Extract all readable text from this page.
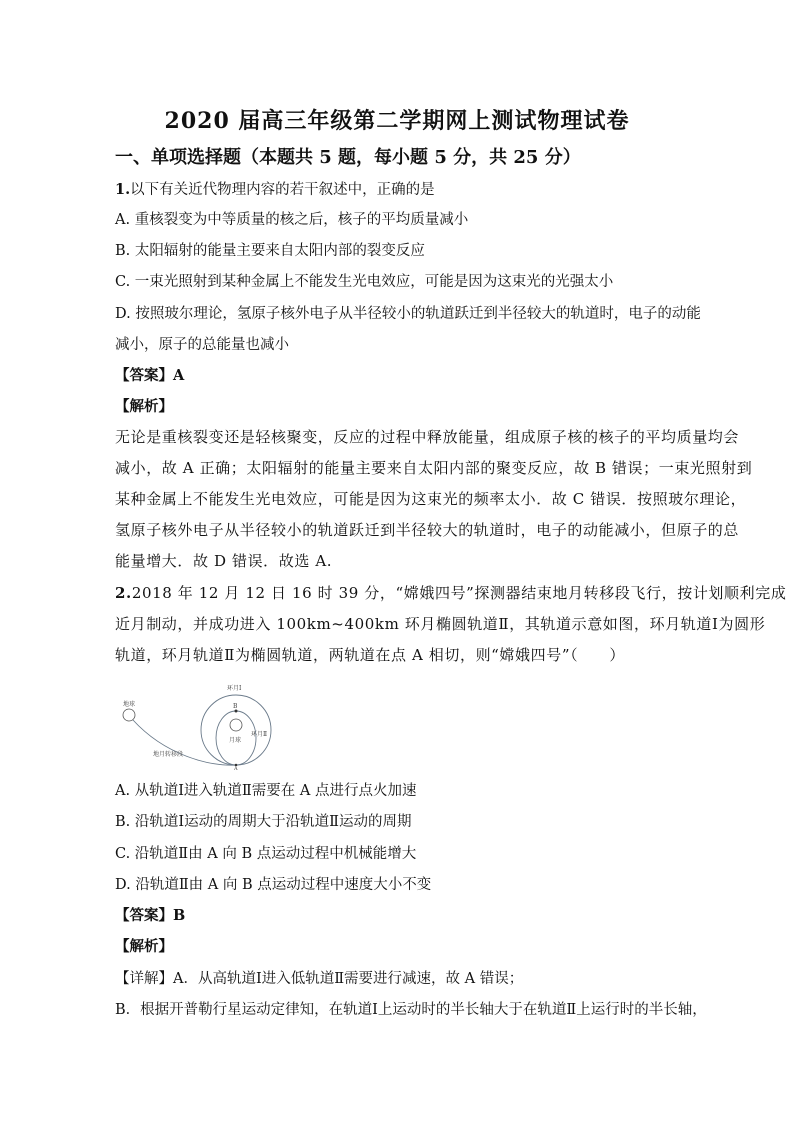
2020 届高三年级第二学期网上测试物理试卷
一、单项选择题（本题共 5 题，每小题 5 分，共 25 分）
1.以下有关近代物理内容的若干叙述中，正确的是
A. 重核裂变为中等质量的核之后，核子的平均质量减小
B. 太阳辐射的能量主要来自太阳内部的裂变反应
C. 一束光照射到某种金属上不能发生光电效应，可能是因为这束光的光强太小
D. 按照玻尔理论，氢原子核外电子从半径较小的轨道跃迁到半径较大的轨道时，电子的动能
减小，原子的总能量也减小
【答案】A
【解析】
无论是重核裂变还是轻核聚变，反应的过程中释放能量，组成原子核的核子的平均质量均会
减小，故 A 正确；太阳辐射的能量主要来自太阳内部的聚变反应，故 B 错误；一束光照射到
某种金属上不能发生光电效应，可能是因为这束光的频率太小．故 C 错误．按照玻尔理论，
氢原子核外电子从半径较小的轨道跃迁到半径较大的轨道时，电子的动能减小，但原子的总
能量增大．故 D 错误．故选 A.
2.2018 年 12 月 12 日 16 时 39 分，“嫦娥四号”探测器结束地月转移段飞行，按计划顺利完成
近月制动，并成功进入 100km~400km 环月椭圆轨道Ⅱ，其轨道示意如图，环月轨道Ⅰ为圆形
轨道，环月轨道Ⅱ为椭圆轨道，两轨道在点 A 相切，则“嫦娥四号”（　　）
地球
地月转移段
环月Ⅰ
环月Ⅱ
月球
B
A
A. 从轨道Ⅰ进入轨道Ⅱ需要在 A 点进行点火加速
B. 沿轨道Ⅰ运动的周期大于沿轨道Ⅱ运动的周期
C. 沿轨道Ⅱ由 A 向 B 点运动过程中机械能增大
D. 沿轨道Ⅱ由 A 向 B 点运动过程中速度大小不变
【答案】B
【解析】
【详解】A．从高轨道Ⅰ进入低轨道Ⅱ需要进行减速，故 A 错误；
B．根据开普勒行星运动定律知，在轨道Ⅰ上运动时的半长轴大于在轨道Ⅱ上运行时的半长轴，
